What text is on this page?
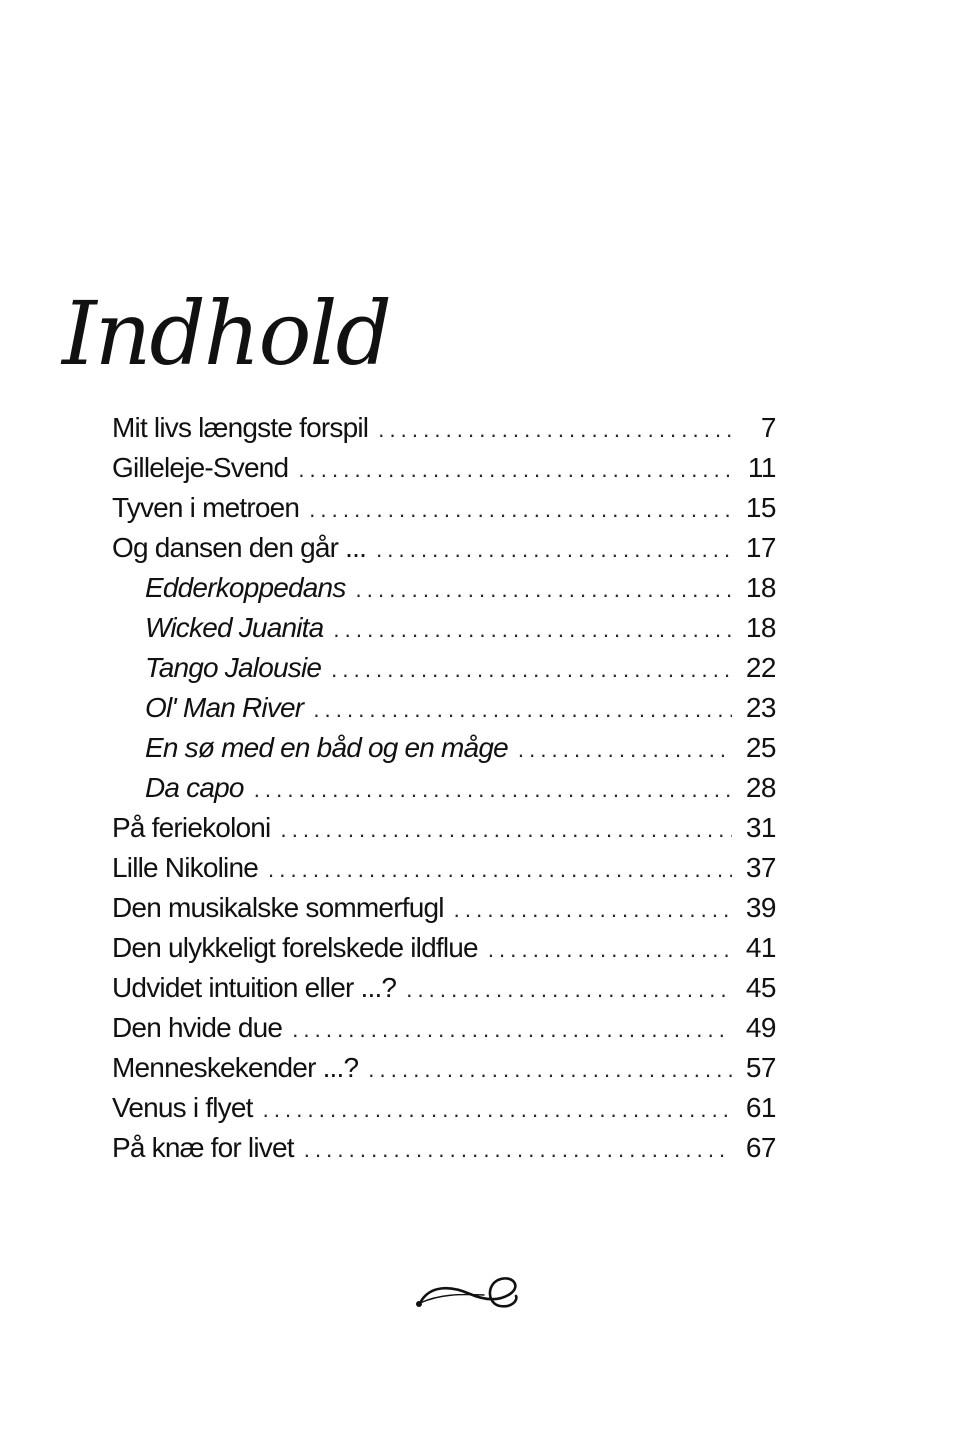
Indhold
Mit livs længste forspil . . .	7
Gilleleje-Svend . . .	11
Tyven i metroen . . .	15
Og dansen den går ... . . .	17
Edderkoppedans . . .	18
Wicked Juanita . . .	18
Tango Jalousie . . .	22
Ol' Man River . . .	23
En sø med en båd og en måge . . .	25
Da capo . . .	28
På feriekoloni . . .	31
Lille Nikoline . . .	37
Den musikalske sommerfugl . . .	39
Den ulykkeligt forelskede ildflue . . .	41
Udvidet intuition eller ...? . . .	45
Den hvide due . . .	49
Menneskekender ...? . . .	57
Venus i flyet . . .	61
På knæ for livet . . .	67
